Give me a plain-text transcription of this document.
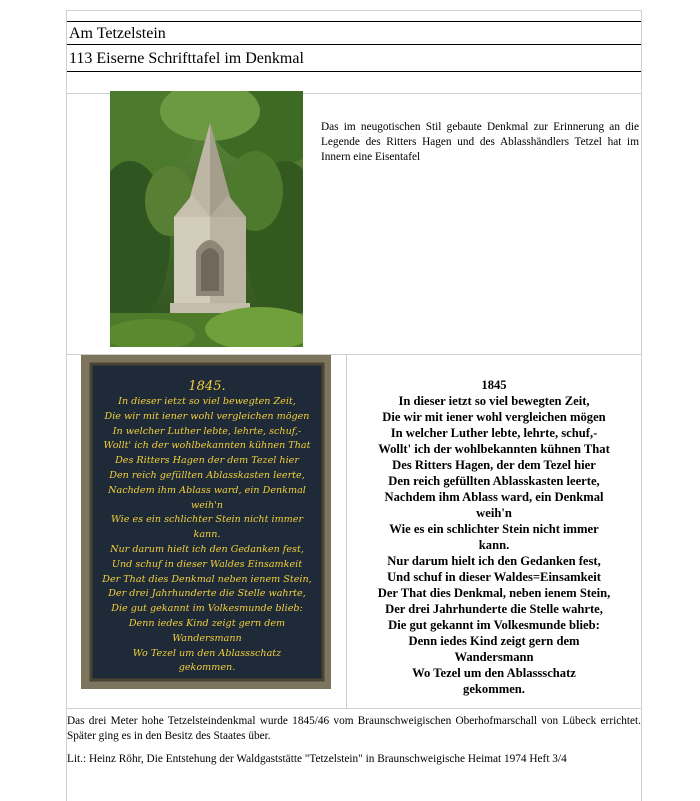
Am Tetzelstein
113 Eiserne Schrifttafel im Denkmal
Das im neugotischen Stil gebaute Denkmal zur Erinnerung an die Legende des Ritters Hagen und des Ablasshändlers Tetzel hat im Innern eine Eisentafel
1845.
In dieser ietzt so viel bewegten Zeit,
Die wir mit iener wohl vergleichen mögen
In welcher Luther lebte, lehrte, schuf,-
Wollt' ich der wohlbekannten kühnen That
Des Ritters Hagen der dem Tezel hier
Den reich gefüllten Ablasskasten leerte,
Nachdem ihm Ablass ward, ein Denkmal
weih'n
Wie es ein schlichter Stein nicht immer
kann.
Nur darum hielt ich den Gedanken fest,
Und schuf in dieser Waldes Einsamkeit
Der That dies Denkmal neben ienem Stein,
Der drei Jahrhunderte die Stelle wahrte,
Die gut gekannt im Volkesmunde blieb:
Denn iedes Kind zeigt gern dem
Wandersmann
Wo Tezel um den Ablassschatz
gekommen.
1845
In dieser ietzt so viel bewegten Zeit,
Die wir mit iener wohl vergleichen mögen
In welcher Luther lebte, lehrte, schuf,-
Wollt' ich der wohlbekannten kühnen That
Des Ritters Hagen, der dem Tezel hier
Den reich gefüllten Ablasskasten leerte,
Nachdem ihm Ablass ward, ein Denkmal
weih'n
Wie es ein schlichter Stein nicht immer
kann.
Nur darum hielt ich den Gedanken fest,
Und schuf in dieser Waldes=Einsamkeit
Der That dies Denkmal, neben ienem Stein,
Der drei Jahrhunderte die Stelle wahrte,
Die gut gekannt im Volkesmunde blieb:
Denn iedes Kind zeigt gern dem
Wandersmann
Wo Tezel um den Ablassschatz
gekommen.
Das drei Meter hohe Tetzelsteindenkmal wurde 1845/46 vom Braunschweigischen Oberhofmarschall von Lübeck errichtet. Später ging es in den Besitz des Staates über.
Lit.: Heinz Röhr, Die Entstehung der Waldgaststätte "Tetzelstein" in Braunschweigische Heimat 1974 Heft 3/4
